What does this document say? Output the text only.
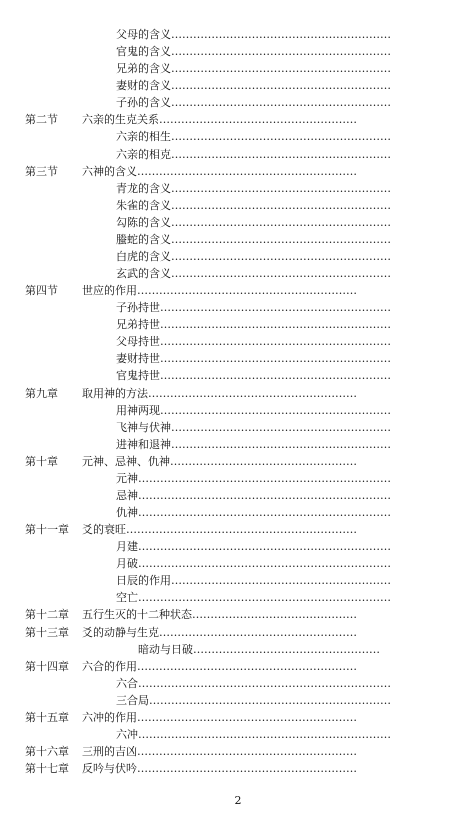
父母的含义……………………………………………………
官鬼的含义……………………………………………………
兄弟的含义……………………………………………………
妻财的含义……………………………………………………
子孙的含义……………………………………………………
第二节 六亲的生克关系………………………………………………
六亲的相生……………………………………………………
六亲的相克……………………………………………………
第三节 六神的含义……………………………………………………
青龙的含义……………………………………………………
朱雀的含义……………………………………………………
勾陈的含义……………………………………………………
螣蛇的含义……………………………………………………
白虎的含义……………………………………………………
玄武的含义……………………………………………………
第四节 世应的作用……………………………………………………
子孙持世………………………………………………………
兄弟持世………………………………………………………
父母持世………………………………………………………
妻财持世………………………………………………………
官鬼持世………………………………………………………
第九章 取用神的方法…………………………………………………
用神两现………………………………………………………
飞神与伏神……………………………………………………
进神和退神……………………………………………………
第十章 元神、忌神、仇神……………………………………………
元神……………………………………………………………
忌神……………………………………………………………
仇神……………………………………………………………
第十一章 爻的衰旺………………………………………………………
月建……………………………………………………………
月破……………………………………………………………
日辰的作用……………………………………………………
空亡……………………………………………………………
第十二章 五行生灭的十二种状态………………………………………
第十三章 爻的动静与生克………………………………………………
暗动与日破……………………………………………
第十四章 六合的作用……………………………………………………
六合……………………………………………………………
三合局…………………………………………………………
第十五章 六冲的作用……………………………………………………
六冲……………………………………………………………
第十六章 三刑的吉凶……………………………………………………
第十七章 反吟与伏吟……………………………………………………
2
